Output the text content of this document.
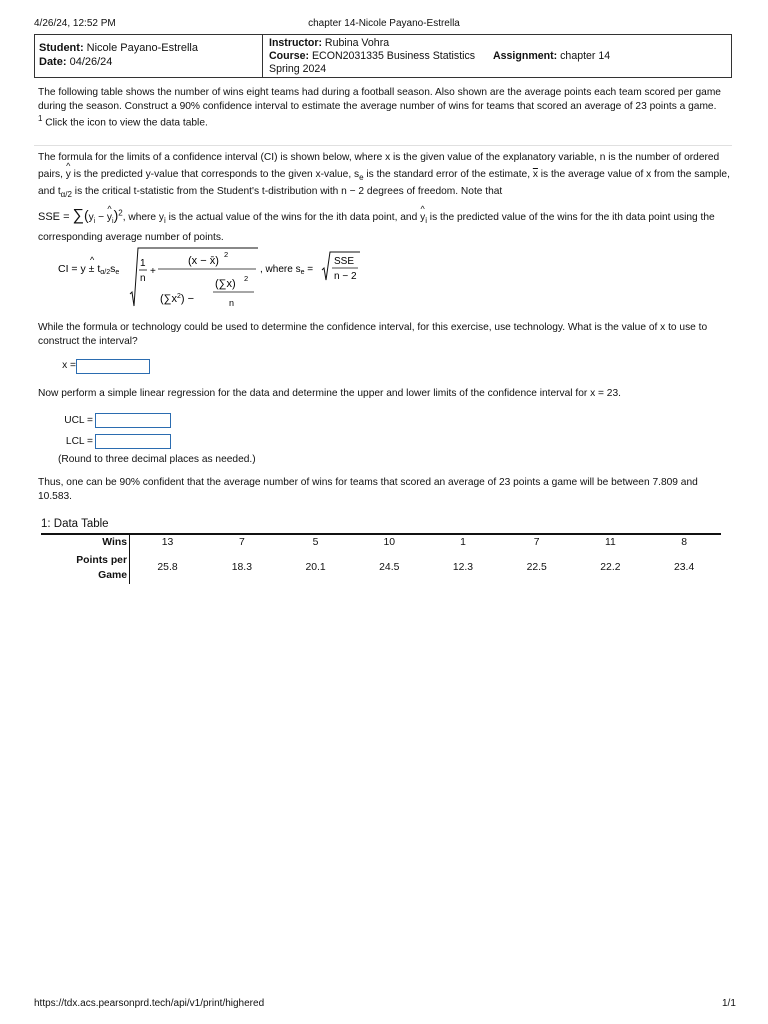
4/26/24, 12:52 PM	chapter 14-Nicole Payano-Estrella
Student: Nicole Payano-Estrella
Date: 04/26/24
Instructor: Rubina Vohra
Course: ECON2031335 Business Statistics Assignment: chapter 14
Spring 2024
The following table shows the number of wins eight teams had during a football season. Also shown are the average points each team scored per game during the season. Construct a 90% confidence interval to estimate the average number of wins for teams that scored an average of 23 points a game.
$^1$ Click the icon to view the data table.
The formula for the limits of a confidence interval (CI) is shown below, where x is the given value of the explanatory variable, n is the number of ordered pairs, ^ y is the predicted y-value that corresponds to the given x-value, $s_e$ is the standard error of the estimate, $\overline{x}$ is the average value of x from the sample, and $t_{\alpha/2}$ is the critical t-statistic from the Student's t-distribution with n − 2 degrees of freedom. Note that
SSE = $\sum(y_i$ − ^ $y_i)^2$, where $y_i$ is the actual value of the wins for the ith data point, and ^ $y_i$ is the predicted value of the wins for the ith data point using the corresponding average number of points.
CI = y ± tα/2se
^	1
n
+
(x − x̄)
2
$(\sum x^2)$ −
(∑x) 2
n
, where $s_e$ =
SSE
n − 2
While the formula or technology could be used to determine the confidence interval, for this exercise, use technology. What is the value of x to use to construct the interval?
x =
Now perform a simple linear regression for the data and determine the upper and lower limits of the confidence interval for x = 23.
UCL =
LCL =
(Round to three decimal places as needed.)
Thus, one can be 90% confident that the average number of wins for teams that scored an average of 23 points a game will be between 7.809 and 10.583.
1: Data Table
Wins	13	7	5	10	1	7	11	8
Points per
Game	25.8	18.3	20.1	24.5	12.3	22.5	22.2	23.4
https://tdx.acs.pearsonprd.tech/api/v1/print/highered	1/1
